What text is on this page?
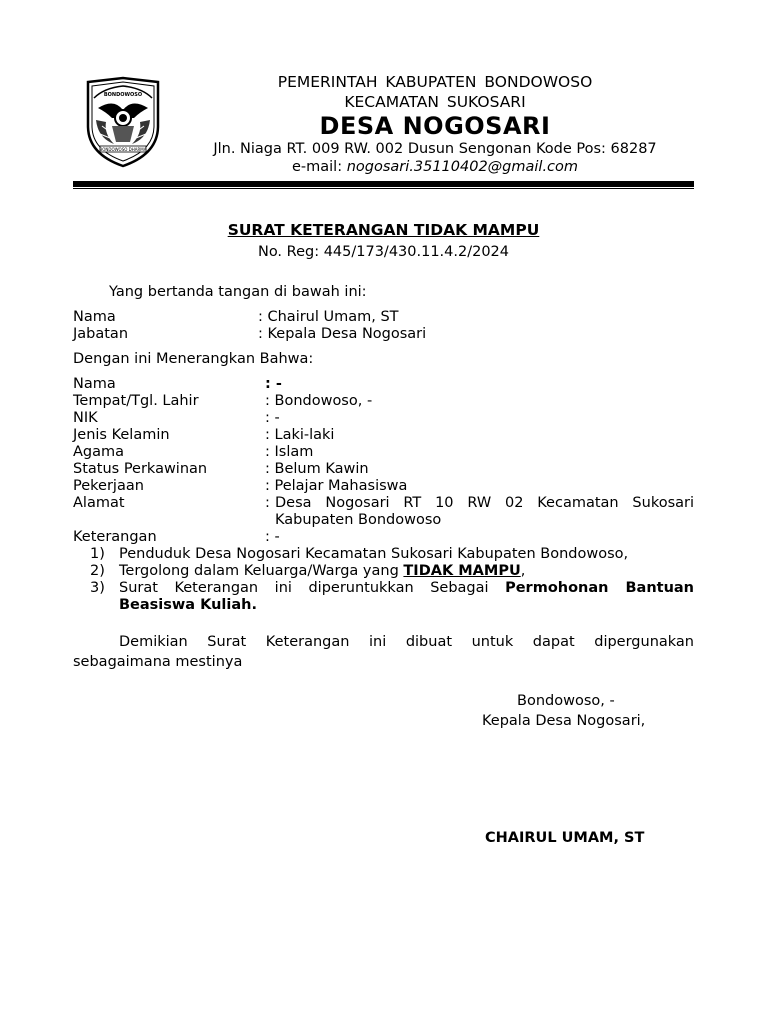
BONDOWOSO
BONDOWOSO DHARMA
PEMERINTAH KABUPATEN BONDOWOSO
KECAMATAN SUKOSARI
DESA NOGOSARI
Jln. Niaga RT. 009 RW. 002 Dusun Sengonan Kode Pos: 68287
e-mail: nogosari.35110402@gmail.com
SURAT KETERANGAN TIDAK MAMPU
No. Reg: 445/173/430.11.4.2/2024
Yang bertanda tangan di bawah ini:
Nama	: Chairul Umam, ST
Jabatan	: Kepala Desa Nogosari
Dengan ini Menerangkan Bahwa:
Nama	: -
Tempat/Tgl. Lahir	: Bondowoso, -
NIK	: -
Jenis Kelamin	: Laki-laki
Agama	: Islam
Status Perkawinan	: Belum Kawin
Pekerjaan	: Pelajar Mahasiswa
Alamat	: Desa Nogosari RT 10 RW 02 Kecamatan Sukosari
Kabupaten Bondowoso
Keterangan	: -
1) Penduduk Desa Nogosari Kecamatan Sukosari Kabupaten Bondowoso,
2) Tergolong dalam Keluarga/Warga yang TIDAK MAMPU,
3) Surat Keterangan ini diperuntukkan Sebagai Permohonan Bantuan
Beasiswa Kuliah.
Demikian Surat Keterangan ini dibuat untuk dapat dipergunakan
sebagaimana mestinya
Bondowoso, -
Kepala Desa Nogosari,
CHAIRUL UMAM, ST
